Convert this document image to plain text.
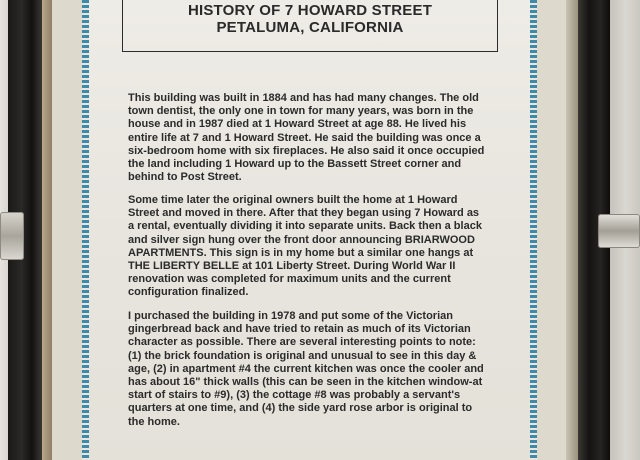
HISTORY OF 7 HOWARD STREET
PETALUMA, CALIFORNIA

This building was built in 1884 and has had many changes. The old
town dentist, the only one in town for many years, was born in the
house and in 1987 died at 1 Howard Street at age 88. He lived his
entire life at 7 and 1 Howard Street. He said the building was once a
six-bedroom home with six fireplaces. He also said it once occupied
the land including 1 Howard up to the Bassett Street corner and
behind to Post Street.

Some time later the original owners built the home at 1 Howard
Street and moved in there. After that they began using 7 Howard as
a rental, eventually dividing it into separate units. Back then a black
and silver sign hung over the front door announcing BRIARWOOD
APARTMENTS. This sign is in my home but a similar one hangs at
THE LIBERTY BELLE at 101 Liberty Street. During World War II
renovation was completed for maximum units and the current
configuration finalized.

I purchased the building in 1978 and put some of the Victorian
gingerbread back and have tried to retain as much of its Victorian
character as possible. There are several interesting points to note:
(1) the brick foundation is original and unusual to see in this day &
age, (2) in apartment #4 the current kitchen was once the cooler and
has about 16" thick walls (this can be seen in the kitchen window-at
start of stairs to #9), (3) the cottage #8 was probably a servant's
quarters at one time, and (4) the side yard rose arbor is original to
the home.
